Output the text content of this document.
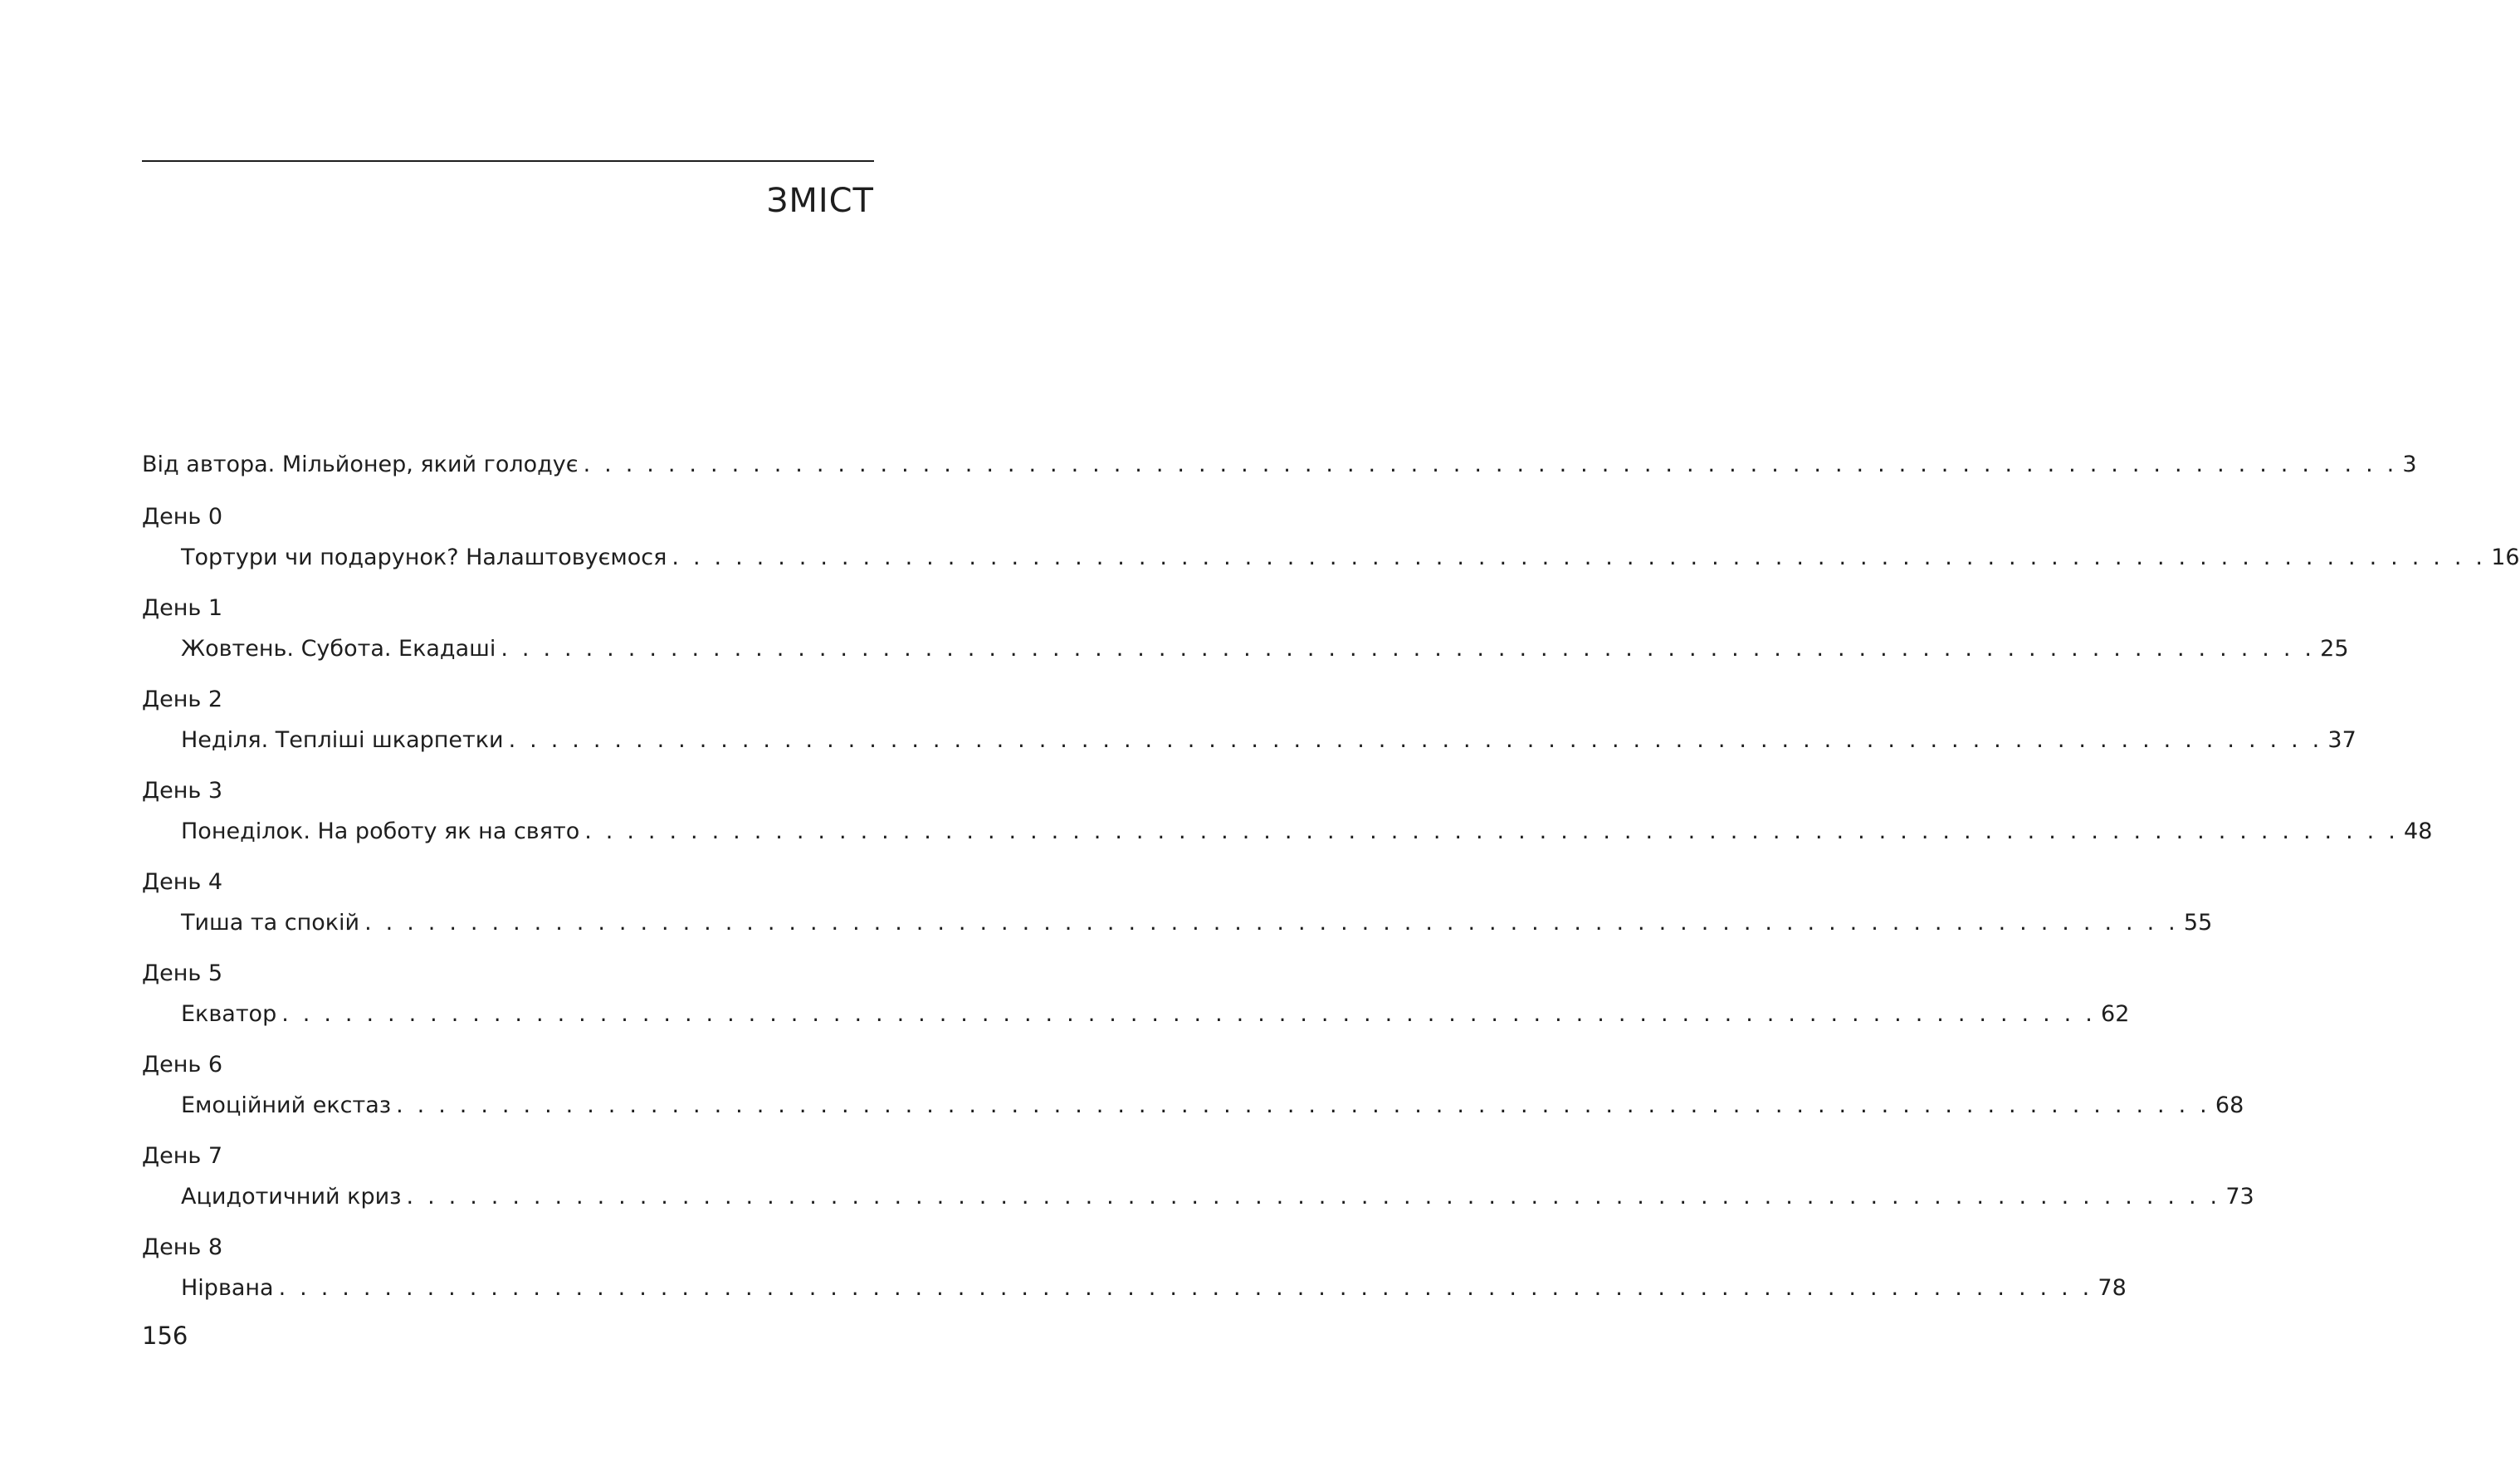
ЗМІСТ
Від автора. Мільйонер, який голодує . . . . . . . . . . . . . . . . . . . . . . . . . . . . . . . . . . . . . . . . . . . . . . . . . . . . . . . . . . . . . . . . . . . . . . . . . . . . . . . . . . . . . . 3
День 0
Тортури чи подарунок? Налаштовуємося . . . . . . . . . . . . . . . . . . . . . . . . . . . . . . . . . . . . . . . . . . . . . . . . . . . . . . . . . . . . . . . . . . . . . . . . . . . . . . . . . . . . . . 16
День 1
Жовтень. Субота. Екадаші . . . . . . . . . . . . . . . . . . . . . . . . . . . . . . . . . . . . . . . . . . . . . . . . . . . . . . . . . . . . . . . . . . . . . . . . . . . . . . . . . . . . . . 25
День 2
Неділя. Тепліші шкарпетки . . . . . . . . . . . . . . . . . . . . . . . . . . . . . . . . . . . . . . . . . . . . . . . . . . . . . . . . . . . . . . . . . . . . . . . . . . . . . . . . . . . . . . 37
День 3
Понеділок. На роботу як на свято . . . . . . . . . . . . . . . . . . . . . . . . . . . . . . . . . . . . . . . . . . . . . . . . . . . . . . . . . . . . . . . . . . . . . . . . . . . . . . . . . . . . . . 48
День 4
Тиша та спокій . . . . . . . . . . . . . . . . . . . . . . . . . . . . . . . . . . . . . . . . . . . . . . . . . . . . . . . . . . . . . . . . . . . . . . . . . . . . . . . . . . . . . . 55
День 5
Екватор . . . . . . . . . . . . . . . . . . . . . . . . . . . . . . . . . . . . . . . . . . . . . . . . . . . . . . . . . . . . . . . . . . . . . . . . . . . . . . . . . . . . . . 62
День 6
Емоційний екстаз . . . . . . . . . . . . . . . . . . . . . . . . . . . . . . . . . . . . . . . . . . . . . . . . . . . . . . . . . . . . . . . . . . . . . . . . . . . . . . . . . . . . . . 68
День 7
Ацидотичний криз . . . . . . . . . . . . . . . . . . . . . . . . . . . . . . . . . . . . . . . . . . . . . . . . . . . . . . . . . . . . . . . . . . . . . . . . . . . . . . . . . . . . . . 73
День 8
Нірвана . . . . . . . . . . . . . . . . . . . . . . . . . . . . . . . . . . . . . . . . . . . . . . . . . . . . . . . . . . . . . . . . . . . . . . . . . . . . . . . . . . . . . . 78
156
